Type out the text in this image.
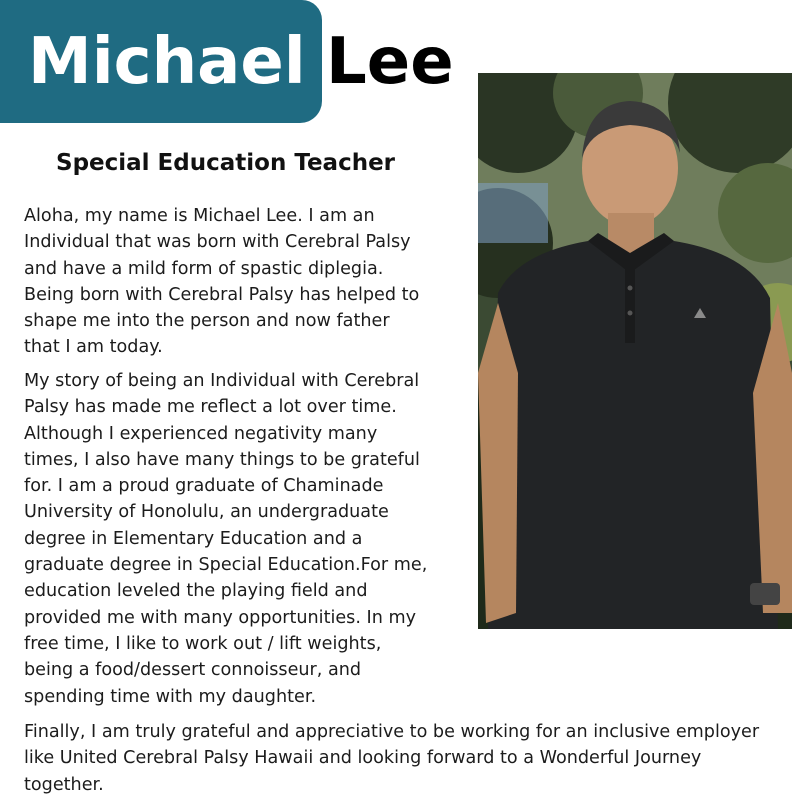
Michael Lee
Special Education Teacher

Aloha, my name is Michael Lee. I am an
Individual that was born with Cerebral Palsy
and have a mild form of spastic diplegia.
Being born with Cerebral Palsy has helped to
shape me into the person and now father
that I am today.

My story of being an Individual with Cerebral
Palsy has made me reflect a lot over time.
Although I experienced negativity many
times, I also have many things to be grateful
for. I am a proud graduate of Chaminade
University of Honolulu, an undergraduate
degree in Elementary Education and a
graduate degree in Special Education.For me,
education leveled the playing field and
provided me with many opportunities. In my
free time, I like to work out / lift weights,
being a food/dessert connoisseur, and
spending time with my daughter.

Finally, I am truly grateful and appreciative to be working for an inclusive employer
like United Cerebral Palsy Hawaii and looking forward to a Wonderful Journey
together.
